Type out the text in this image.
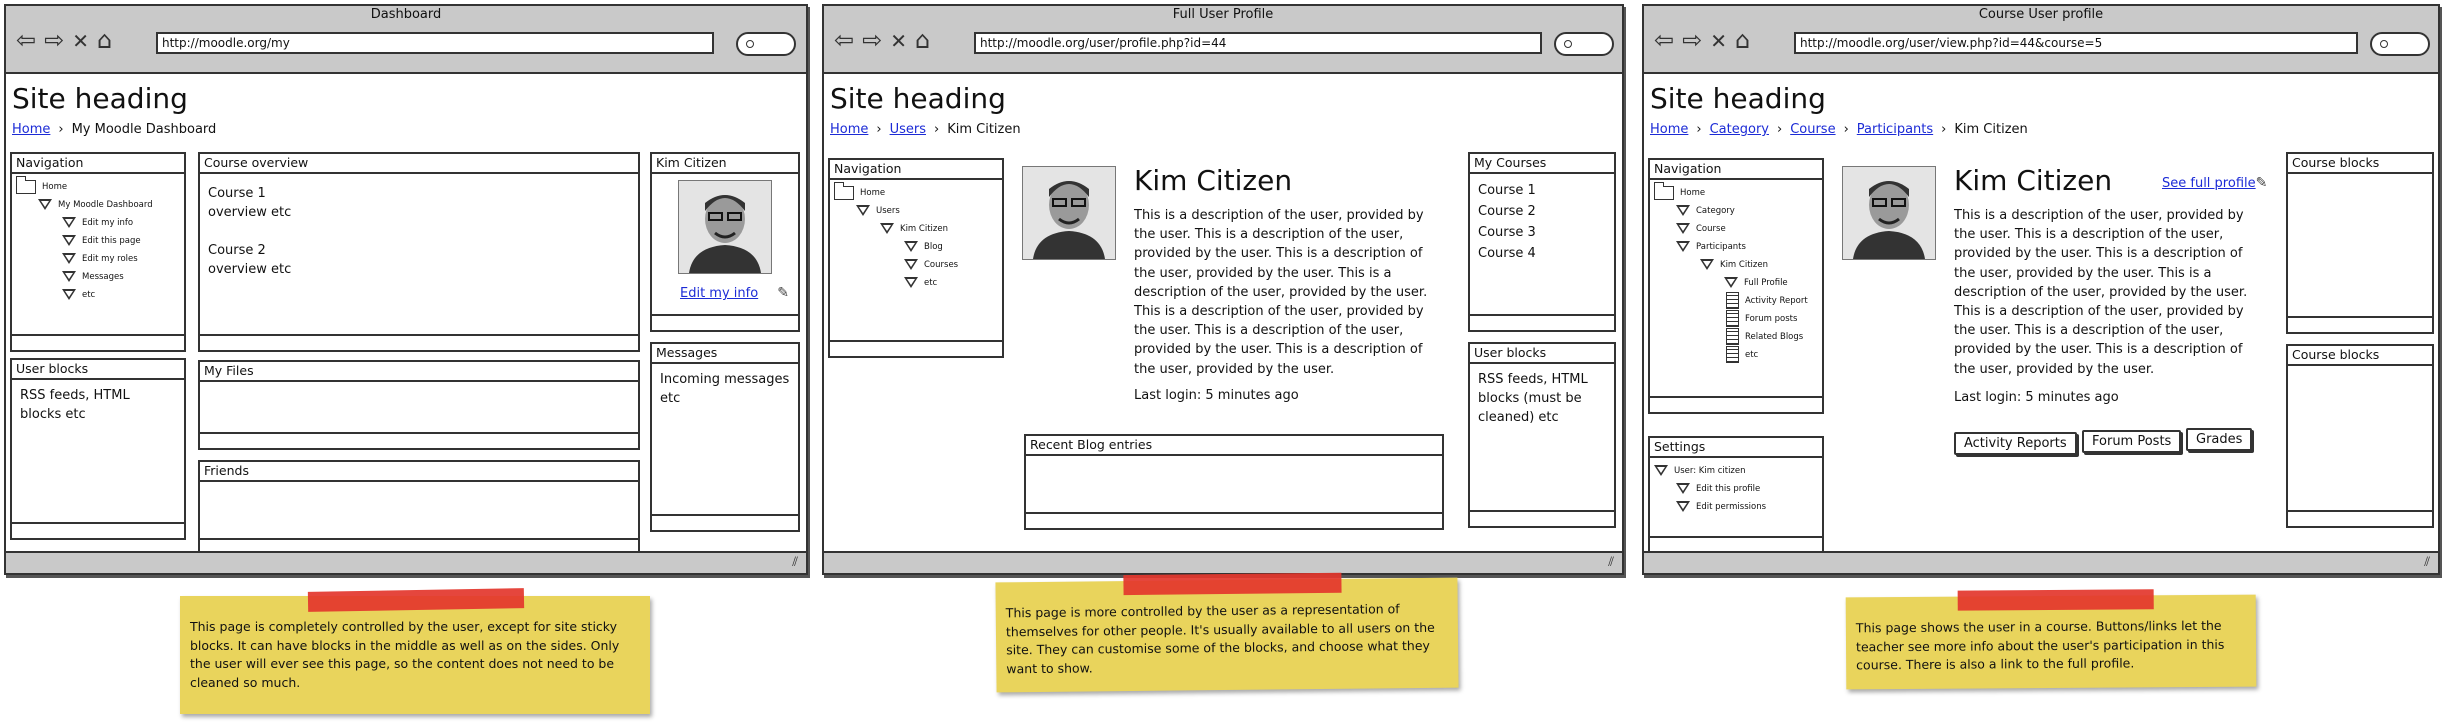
Dashboard
⇦⇨✕⌂	http://moodle.org/my
Site heading
Home › My Moodle Dashboard
Navigation
Home
My Moodle Dashboard
Edit my info
Edit this page
Edit my roles
Messages
etc
User blocks
RSS feeds, HTML
blocks etc
Course overview
Course 1
overview etc
Course 2
overview etc
My Files
Friends
Kim Citizen
Edit my info ✎
Messages
Incoming messages
etc
⫽
Full User Profile
⇦⇨✕⌂	http://moodle.org/user/profile.php?id=44
Site heading
Home › Users › Kim Citizen
Navigation
Home
Users
Kim Citizen
Blog
Courses
etc
Kim Citizen
This is a description of the user, provided by the user. This is a description of the user, provided by the user. This is a description of the user, provided by the user. This is a description of the user, provided by the user. This is a description of the user, provided by the user. This is a description of the user, provided by the user. This is a description of the user, provided by the user.
Last login: 5 minutes ago
Recent Blog entries
My Courses
Course 1
Course 2
Course 3
Course 4
User blocks
RSS feeds, HTML
blocks (must be
cleaned) etc
⫽
Course User profile
⇦⇨✕⌂	http://moodle.org/user/view.php?id=44&course=5
Site heading
Home › Category › Course › Participants › Kim Citizen
Navigation
Home
Category
Course
Participants
Kim Citizen
Full Profile
Activity Report
Forum posts
Related Blogs
etc
Settings
User: Kim citizen
Edit this profile
Edit permissions
Kim Citizen	See full profile✎
This is a description of the user, provided by the user. This is a description of the user, provided by the user. This is a description of the user, provided by the user. This is a description of the user, provided by the user. This is a description of the user, provided by the user. This is a description of the user, provided by the user. This is a description of the user, provided by the user.
Last login: 5 minutes ago
Activity Reports	Forum Posts	Grades
Course blocks
Course blocks
⫽
This page is completely controlled by the user, except for site sticky blocks. It can have blocks in the middle as well as on the sides. Only the user will ever see this page, so the content does not need to be cleaned so much.
This page is more controlled by the user as a representation of themselves for other people. It's usually available to all users on the site. They can customise some of the blocks, and choose what they want to show.
This page shows the user in a course. Buttons/links let the teacher see more info about the user's participation in this course. There is also a link to the full profile.
